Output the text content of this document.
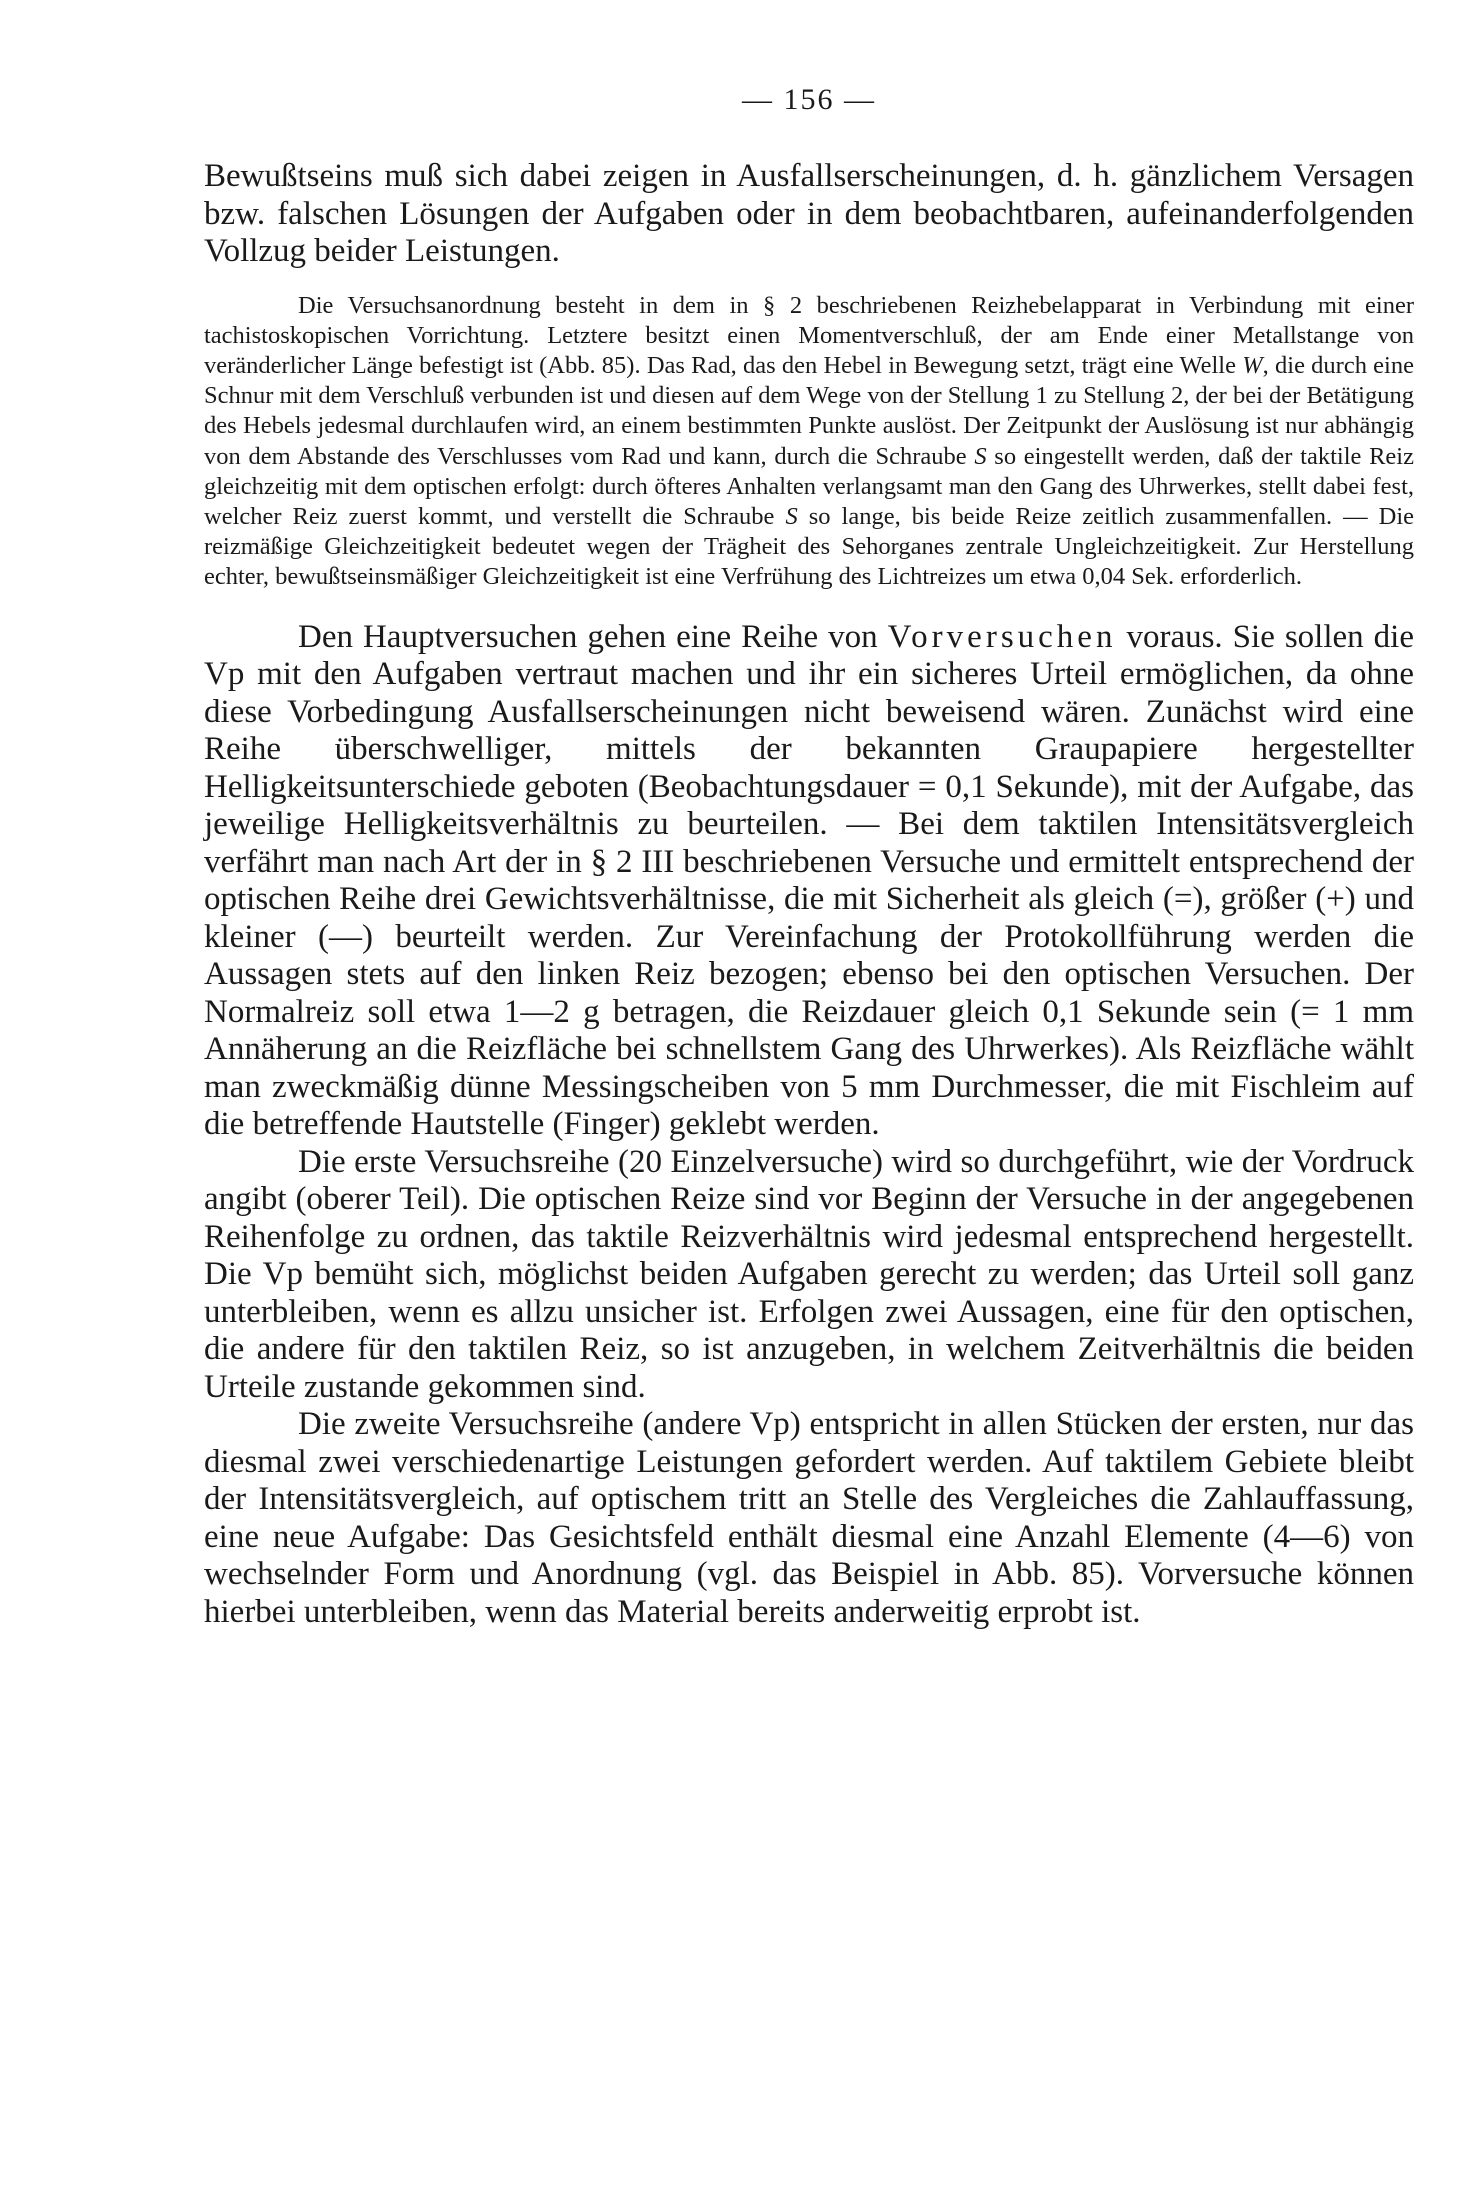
— 156 —

Bewußtseins muß sich dabei zeigen in Ausfallserscheinungen, d. h. gänzlichem Versagen bzw. falschen Lösungen der Aufgaben oder in dem beobachtbaren, aufeinanderfolgenden Vollzug beider Leistungen.

Die Versuchsanordnung besteht in dem in § 2 beschriebenen Reizhebelapparat in Verbindung mit einer tachistoskopischen Vorrichtung. Letztere besitzt einen Momentverschluß, der am Ende einer Metallstange von veränderlicher Länge befestigt ist (Abb. 85). Das Rad, das den Hebel in Bewegung setzt, trägt eine Welle W, die durch eine Schnur mit dem Verschluß verbunden ist und diesen auf dem Wege von der Stellung 1 zu Stellung 2, der bei der Betätigung des Hebels jedesmal durchlaufen wird, an einem bestimmten Punkte auslöst. Der Zeitpunkt der Auslösung ist nur abhängig von dem Abstande des Verschlusses vom Rad und kann, durch die Schraube S so eingestellt werden, daß der taktile Reiz gleichzeitig mit dem optischen erfolgt: durch öfteres Anhalten verlangsamt man den Gang des Uhrwerkes, stellt dabei fest, welcher Reiz zuerst kommt, und verstellt die Schraube S so lange, bis beide Reize zeitlich zusammenfallen. — Die reizmäßige Gleichzeitigkeit bedeutet wegen der Trägheit des Sehorganes zentrale Ungleichzeitigkeit. Zur Herstellung echter, bewußtseinsmäßiger Gleichzeitigkeit ist eine Verfrühung des Lichtreizes um etwa 0,04 Sek. erforderlich.

Den Hauptversuchen gehen eine Reihe von Vorversuchen voraus. Sie sollen die Vp mit den Aufgaben vertraut machen und ihr ein sicheres Urteil ermöglichen, da ohne diese Vorbedingung Ausfallserscheinungen nicht beweisend wären. Zunächst wird eine Reihe überschwelliger, mittels der bekannten Graupapiere hergestellter Helligkeitsunterschiede geboten (Beobachtungsdauer = 0,1 Sekunde), mit der Aufgabe, das jeweilige Helligkeitsverhältnis zu beurteilen. — Bei dem taktilen Intensitätsvergleich verfährt man nach Art der in § 2 III beschriebenen Versuche und ermittelt entsprechend der optischen Reihe drei Gewichtsverhältnisse, die mit Sicherheit als gleich (=), größer (+) und kleiner (—) beurteilt werden. Zur Vereinfachung der Protokollführung werden die Aussagen stets auf den linken Reiz bezogen; ebenso bei den optischen Versuchen. Der Normalreiz soll etwa 1—2 g betragen, die Reizdauer gleich 0,1 Sekunde sein (= 1 mm Annäherung an die Reizfläche bei schnellstem Gang des Uhrwerkes). Als Reizfläche wählt man zweckmäßig dünne Messingscheiben von 5 mm Durchmesser, die mit Fischleim auf die betreffende Hautstelle (Finger) geklebt werden.

Die erste Versuchsreihe (20 Einzelversuche) wird so durchgeführt, wie der Vordruck angibt (oberer Teil). Die optischen Reize sind vor Beginn der Versuche in der angegebenen Reihenfolge zu ordnen, das taktile Reizverhältnis wird jedesmal entsprechend hergestellt. Die Vp bemüht sich, möglichst beiden Aufgaben gerecht zu werden; das Urteil soll ganz unterbleiben, wenn es allzu unsicher ist. Erfolgen zwei Aussagen, eine für den optischen, die andere für den taktilen Reiz, so ist anzugeben, in welchem Zeitverhältnis die beiden Urteile zustande gekommen sind.

Die zweite Versuchsreihe (andere Vp) entspricht in allen Stücken der ersten, nur das diesmal zwei verschiedenartige Leistungen gefordert werden. Auf taktilem Gebiete bleibt der Intensitätsvergleich, auf optischem tritt an Stelle des Vergleiches die Zahlauffassung, eine neue Aufgabe: Das Gesichtsfeld enthält diesmal eine Anzahl Elemente (4—6) von wechselnder Form und Anordnung (vgl. das Beispiel in Abb. 85). Vorversuche können hierbei unterbleiben, wenn das Material bereits anderweitig erprobt ist.
